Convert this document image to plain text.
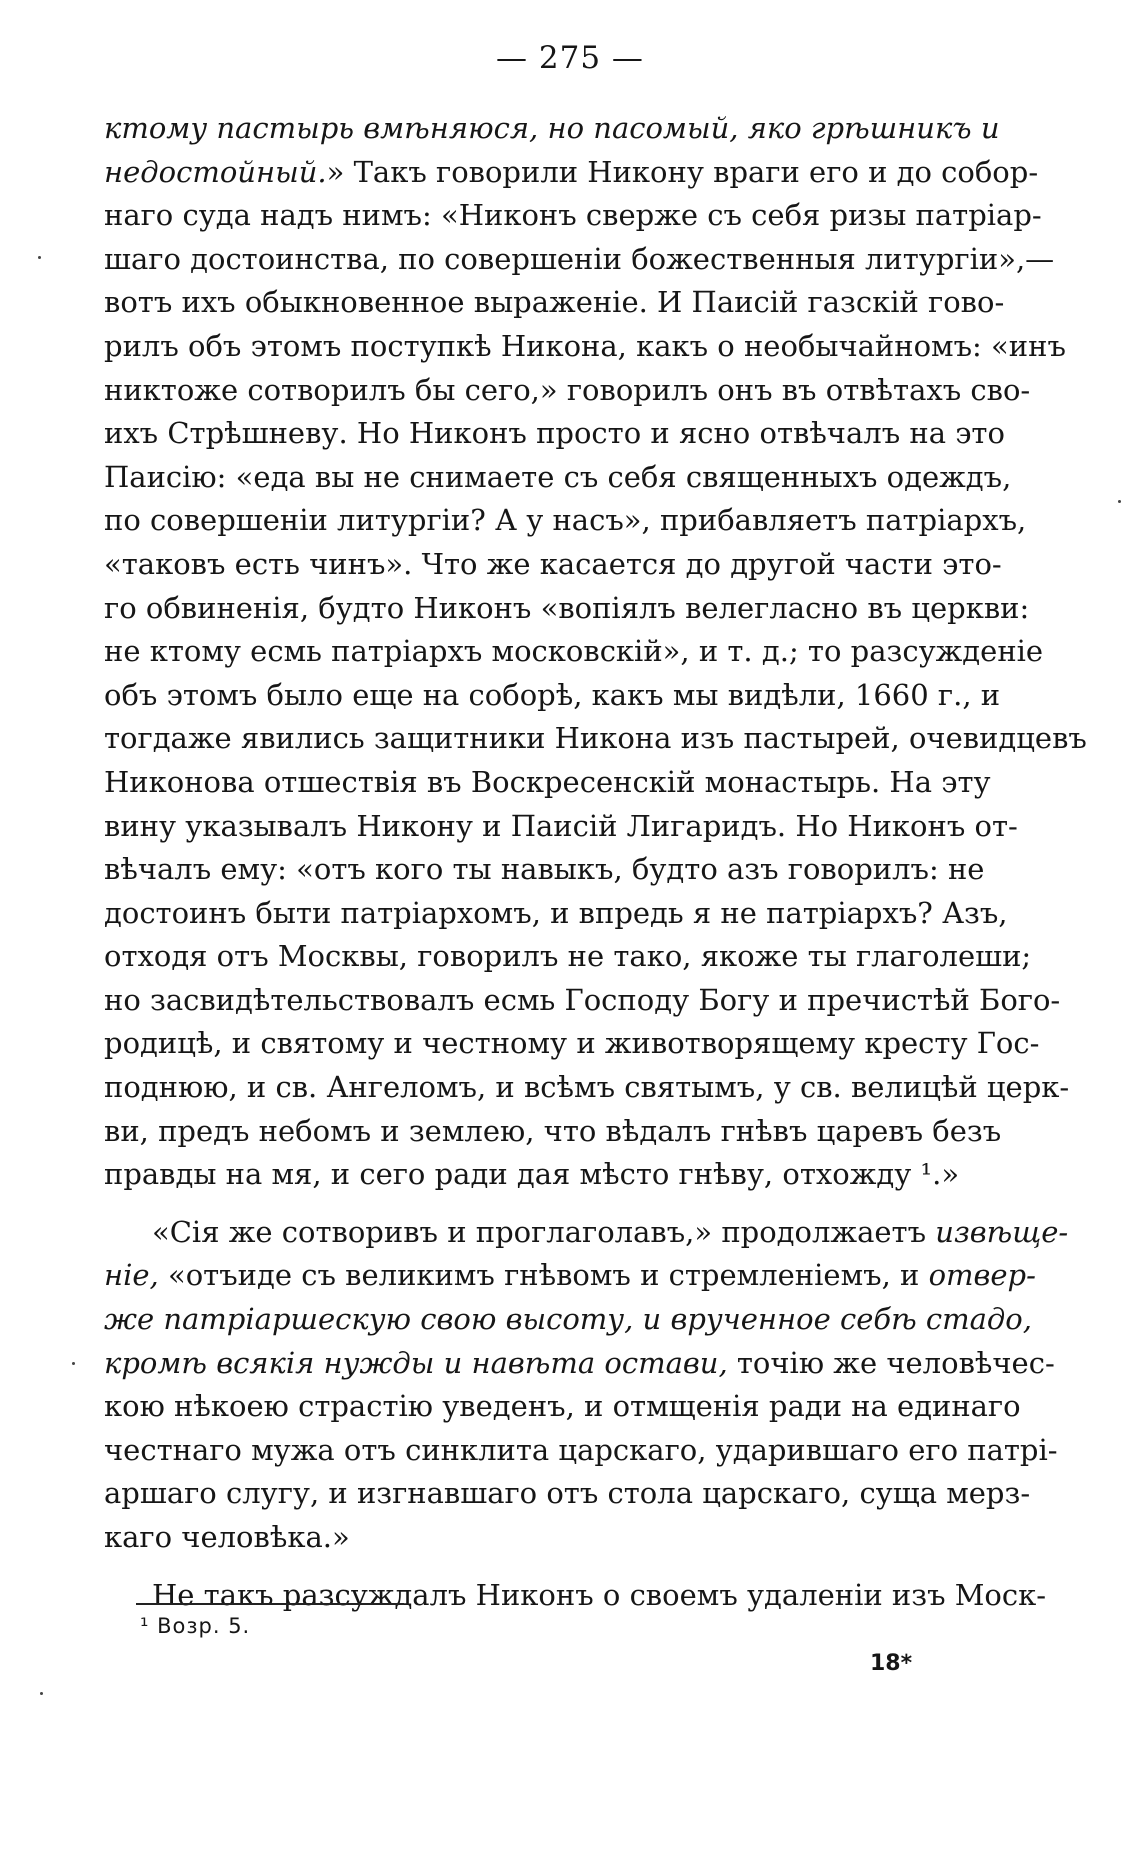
— 275 —
ктому пастырь вмѣняюся, но пасомый, яко грѣшникъ и
недостойный.» Такъ говорили Никону враги его и до собор-
наго суда надъ нимъ: «Никонъ сверже съ себя ризы патріар-
шаго достоинства, по совершеніи божественныя литургіи»,—
вотъ ихъ обыкновенное выраженіе. И Паисій газскій гово-
рилъ объ этомъ поступкѣ Никона, какъ о необычайномъ: «инъ
никтоже сотворилъ бы сего,» говорилъ онъ въ отвѣтахъ сво-
ихъ Стрѣшневу. Но Никонъ просто и ясно отвѣчалъ на это
Паисію: «еда вы не снимаете съ себя священныхъ одеждъ,
по совершеніи литургіи? А у насъ», прибавляетъ патріархъ,
«таковъ есть чинъ». Что же касается до другой части это-
го обвиненія, будто Никонъ «вопіялъ велегласно въ церкви:
не ктому есмь патріархъ московскій», и т. д.; то разсужденіе
объ этомъ было еще на соборѣ, какъ мы видѣли, 1660 г., и
тогдаже явились защитники Никона изъ пастырей, очевидцевъ
Никонова отшествія въ Воскресенскій монастырь. На эту
вину указывалъ Никону и Паисій Лигаридъ. Но Никонъ от-
вѣчалъ ему: «отъ кого ты навыкъ, будто азъ говорилъ: не
достоинъ быти патріархомъ, и впредь я не патріархъ? Азъ,
отходя отъ Москвы, говорилъ не тако, якоже ты глаголеши;
но засвидѣтельствовалъ есмь Господу Богу и пречистѣй Бого-
родицѣ, и святому и честному и животворящему кресту Гос-
поднюю, и св. Ангеломъ, и всѣмъ святымъ, у св. велицѣй церк-
ви, предъ небомъ и землею, что вѣдалъ гнѣвъ царевъ безъ
правды на мя, и сего ради дая мѣсто гнѣву, отхожду ¹.»
«Сія же сотворивъ и проглаголавъ,» продолжаетъ извѣще-
ніе, «отъиде съ великимъ гнѣвомъ и стремленіемъ, и отвер-
же патріаршескую свою высоту, и врученное себѣ стадо,
кромѣ всякія нужды и навѣта остави, точію же человѣчес-
кою нѣкоею страстію уведенъ, и отмщенія ради на единаго
честнаго мужа отъ синклита царскаго, ударившаго его патрі-
аршаго слугу, и изгнавшаго отъ стола царскаго, суща мерз-
каго человѣка.»
Не такъ разсуждалъ Никонъ о своемъ удаленіи изъ Моск-
¹ Возр. 5.
18*
